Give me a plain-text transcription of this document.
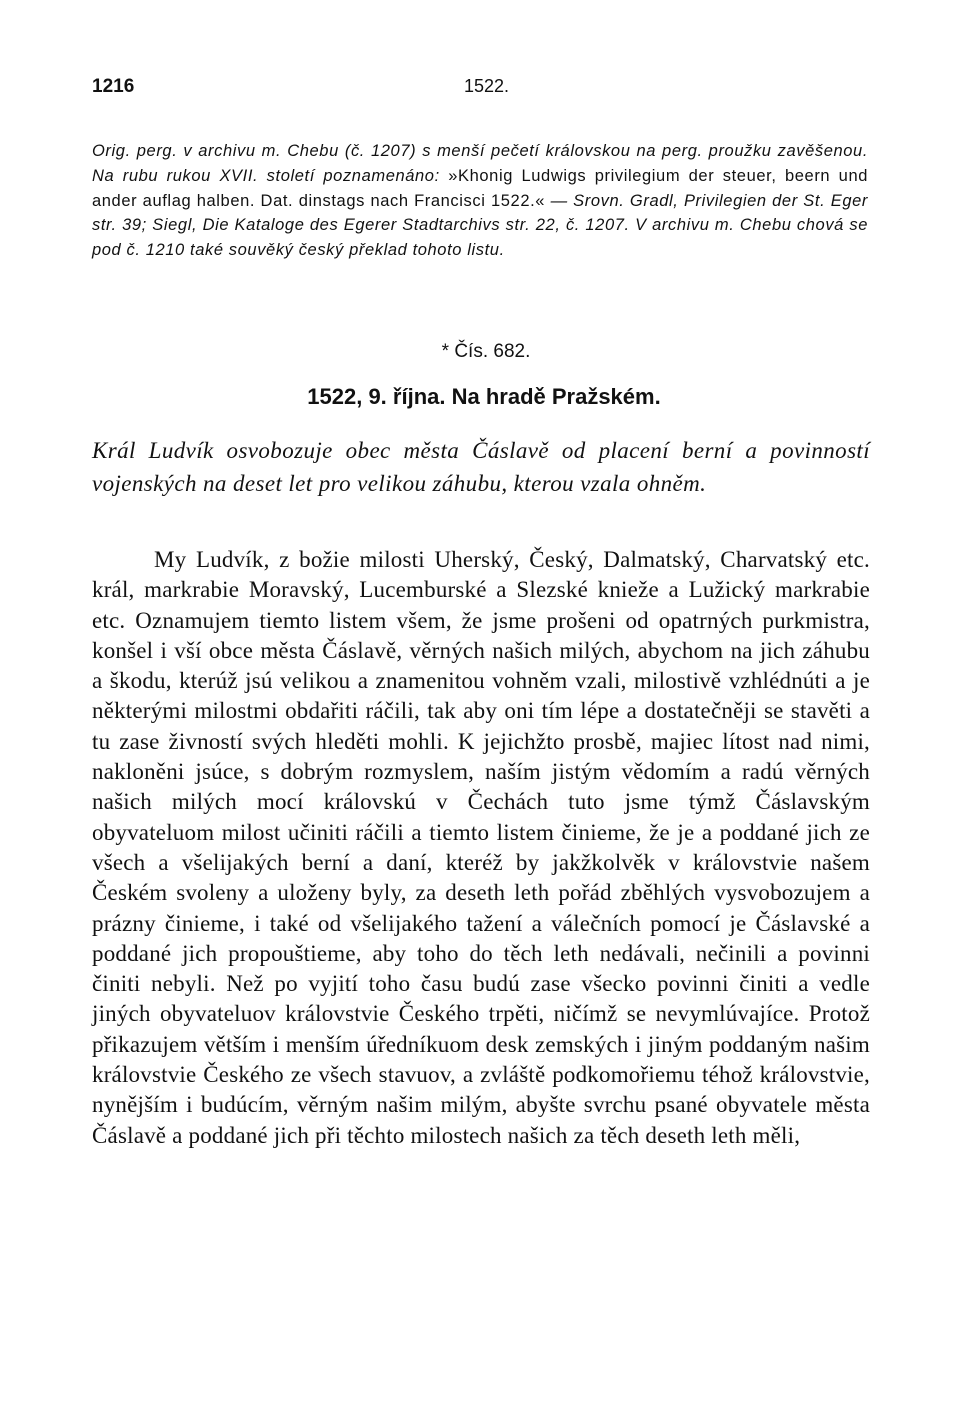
1216	1522.
Orig. perg. v archivu m. Chebu (č. 1207) s menší pečetí královskou na perg. proužku zavěšenou. Na rubu rukou XVII. století poznamenáno: »Khonig Ludwigs privilegium der steuer, beern und ander auflag halben. Dat. dinstags nach Francisci 1522.« — Srovn. Gradl, Privilegien der St. Eger str. 39; Siegl, Die Kataloge des Egerer Stadtarchivs str. 22, č. 1207. V archivu m. Chebu chová se pod č. 1210 také souvěký český překlad tohoto listu.
* Čís. 682.
1522, 9. října. Na hradě Pražském.
Král Ludvík osvobozuje obec města Čáslavě od placení berní a povinností vojenských na deset let pro velikou záhubu, kterou vzala ohněm.
My Ludvík, z božie milosti Uherský, Český, Dalmatský, Charvatský etc. král, markrabie Moravský, Lucemburské a Slezské knieže a Lužický markrabie etc. Oznamujem tiemto listem všem, že jsme prošeni od opatrných purkmistra, konšel i vší obce města Čáslavě, věrných našich milých, abychom na jich záhubu a škodu, kterúž jsú velikou a znamenitou vohněm vzali, milostivě vzhlédnúti a je některými milostmi obdařiti ráčili, tak aby oni tím lépe a dostatečněji se stavěti a tu zase živností svých hleděti mohli. K jejichžto prosbě, majiec lítost nad nimi, nakloněni jsúce, s dobrým rozmyslem, naším jistým vědomím a radú věrných našich milých mocí královskú v Čechách tuto jsme týmž Čáslavským obyvateluom milost učiniti ráčili a tiemto listem činieme, že je a poddané jich ze všech a všelijakých berní a daní, kteréž by jakžkolvěk v královstvie našem Českém svoleny a uloženy byly, za deseth leth pořád zběhlých vysvobozujem a prázny činieme, i také od všelijakého tažení a válečních pomocí je Čáslavské a poddané jich propouštieme, aby toho do těch leth nedávali, nečinili a povinni činiti nebyli. Než po vyjití toho času budú zase všecko povinni činiti a vedle jiných obyvateluov královstvie Českého trpěti, ničímž se nevymlúvajíce. Protož přikazujem větším i menším úředníkuom desk zemských i jiným poddaným našim královstvie Českého ze všech stavuov, a zvláště podkomořiemu téhož královstvie, nynějším i budúcím, věrným našim milým, abyšte svrchu psané obyvatele města Čáslavě a poddané jich při těchto milostech našich za těch deseth leth měli,
